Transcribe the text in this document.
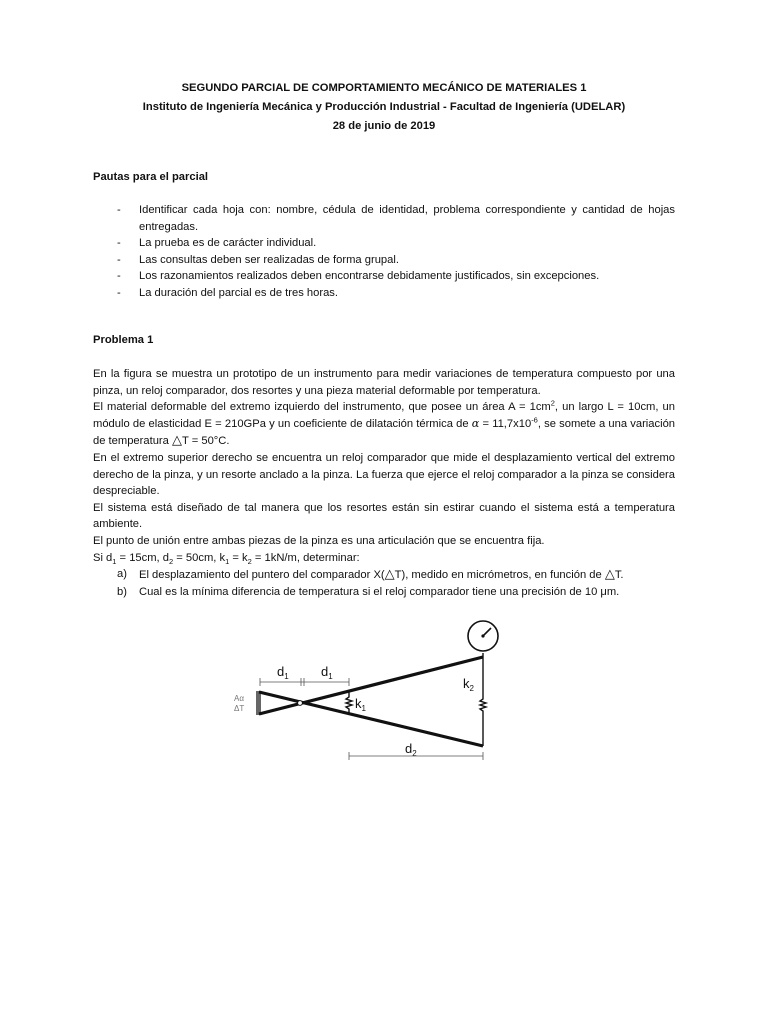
SEGUNDO PARCIAL DE COMPORTAMIENTO MECÁNICO DE MATERIALES 1
Instituto de Ingeniería Mecánica y Producción Industrial - Facultad de Ingeniería (UDELAR)
28 de junio de 2019
Pautas para el parcial
- Identificar cada hoja con: nombre, cédula de identidad, problema correspondiente y cantidad de hojas entregadas.
- La prueba es de carácter individual.
- Las consultas deben ser realizadas de forma grupal.
- Los razonamientos realizados deben encontrarse debidamente justificados, sin excepciones.
- La duración del parcial es de tres horas.
Problema 1

En la figura se muestra un prototipo de un instrumento para medir variaciones de temperatura compuesto por una pinza, un reloj comparador, dos resortes y una pieza material deformable por temperatura.

El material deformable del extremo izquierdo del instrumento, que posee un área $A = 1cm^2$, un largo L = 10cm, un módulo de elasticidad E = 210GPa y un coeficiente de dilatación térmica de $\alpha = 11,7x10^{-6}$, se somete a una variación de temperatura △T = 50°C.

En el extremo superior derecho se encuentra un reloj comparador que mide el desplazamiento vertical del extremo derecho de la pinza, y un resorte anclado a la pinza. La fuerza que ejerce el reloj comparador a la pinza se considera despreciable.

El sistema está diseñado de tal manera que los resortes están sin estirar cuando el sistema está a temperatura ambiente.

El punto de unión entre ambas piezas de la pinza es una articulación que se encuentra fija.

Si $d_1 = 15cm$, $d_2 = 50cm$, $k_1 = k_2 = 1kN/m$, determinar:

a) El desplazamiento del puntero del comparador X(△T), medido en micrómetros, en función de △T.
b) Cual es la mínima diferencia de temperatura si el reloj comparador tiene una precisión de 10 μm.
$d_1$ $d_1$
$d_2$
$k_1$
$k_2$
Aα
ΔT
